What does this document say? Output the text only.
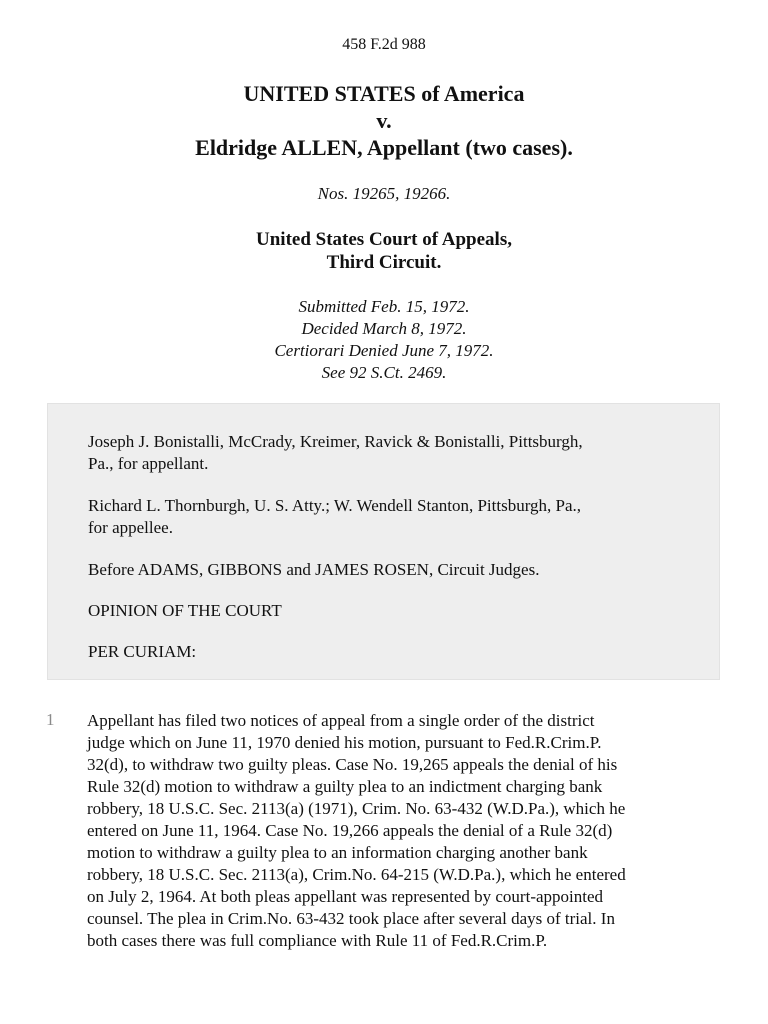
458 F.2d 988
UNITED STATES of America
v.
Eldridge ALLEN, Appellant (two cases).
Nos. 19265, 19266.
United States Court of Appeals,
Third Circuit.
Submitted Feb. 15, 1972.
Decided March 8, 1972.
Certiorari Denied June 7, 1972.
See 92 S.Ct. 2469.
Joseph J. Bonistalli, McCrady, Kreimer, Ravick & Bonistalli, Pittsburgh,
Pa., for appellant.
Richard L. Thornburgh, U. S. Atty.; W. Wendell Stanton, Pittsburgh, Pa.,
for appellee.
Before ADAMS, GIBBONS and JAMES ROSEN, Circuit Judges.
OPINION OF THE COURT
PER CURIAM:
1 Appellant has filed two notices of appeal from a single order of the district
judge which on June 11, 1970 denied his motion, pursuant to Fed.R.Crim.P.
32(d), to withdraw two guilty pleas. Case No. 19,265 appeals the denial of his
Rule 32(d) motion to withdraw a guilty plea to an indictment charging bank
robbery, 18 U.S.C. Sec. 2113(a) (1971), Crim. No. 63-432 (W.D.Pa.), which he
entered on June 11, 1964. Case No. 19,266 appeals the denial of a Rule 32(d)
motion to withdraw a guilty plea to an information charging another bank
robbery, 18 U.S.C. Sec. 2113(a), Crim.No. 64-215 (W.D.Pa.), which he entered
on July 2, 1964. At both pleas appellant was represented by court-appointed
counsel. The plea in Crim.No. 63-432 took place after several days of trial. In
both cases there was full compliance with Rule 11 of Fed.R.Crim.P.
